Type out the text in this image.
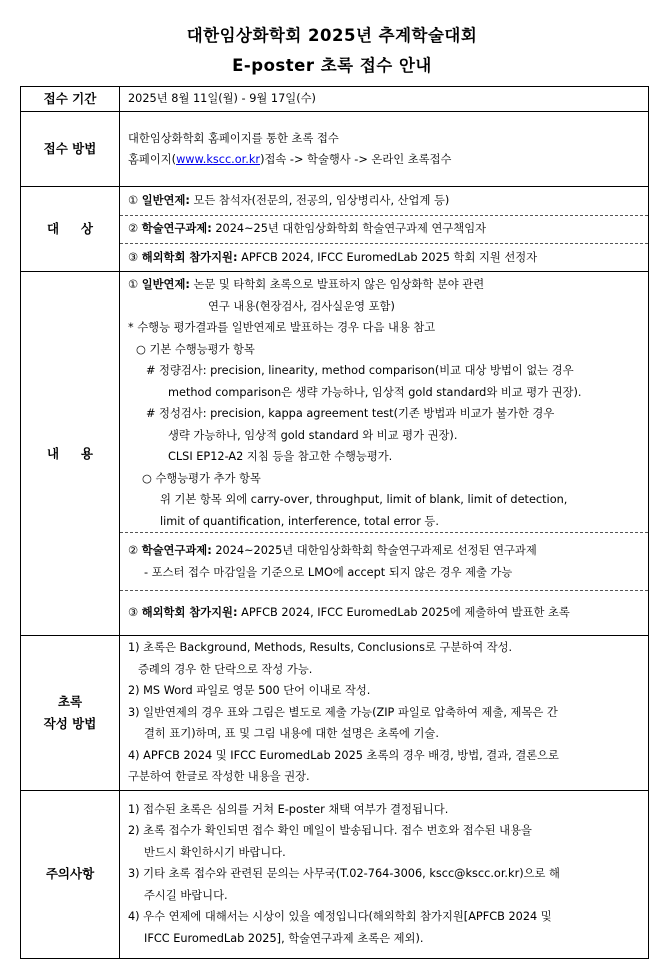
대한임상화학회 2025년 추계학술대회
E-poster 초록 접수 안내
접수 기간	2025년 8월 11일(월) - 9월 17일(수)
접수 방법	
대한임상화학회 홈페이지를 통한 초록 접수
홈페이지(www.kscc.or.kr)접속 -> 학술행사 -> 온라인 초록접수

대     상	
① 일반연제: 모든 참석자(전문의, 전공의, 임상병리사, 산업계 등)
② 학술연구과제: 2024~25년 대한임상화학회 학술연구과제 연구책임자
③ 해외학회 참가지원: APFCB 2024, IFCC EuromedLab 2025 학회 지원 선정자

내     용	
① 일반연제: 논문 및 타학회 초록으로 발표하지 않은 임상화학 분야 관련
연구 내용(현장검사, 검사실운영 포함)
* 수행능 평가결과를 일반연제로 발표하는 경우 다음 내용 참고
○ 기본 수행능평가 항목
# 정량검사: precision, linearity, method comparison(비교 대상 방법이 없는 경우
method comparison은 생략 가능하나, 임상적 gold standard와 비교 평가 권장).
# 정성검사: precision, kappa agreement test(기존 방법과 비교가 불가한 경우
생략 가능하나, 임상적 gold standard 와 비교 평가 권장).
CLSI EP12-A2 지침 등을 참고한 수행능평가.
○ 수행능평가 추가 항목
위 기본 항목 외에 carry-over, throughput, limit of blank, limit of detection,
limit of quantification, interference, total error 등.

② 학술연구과제: 2024~2025년 대한임상화학회 학술연구과제로 선정된 연구과제
- 포스터 접수 마감일을 기준으로 LMO에 accept 되지 않은 경우 제출 가능

③ 해외학회 참가지원: APFCB 2024, IFCC EuromedLab 2025에 제출하여 발표한 초록

초록
작성 방법

1) 초록은 Background, Methods, Results, Conclusions로 구분하여 작성.
증례의 경우 한 단락으로 작성 가능.
2) MS Word 파일로 영문 500 단어 이내로 작성.
3) 일반연제의 경우 표와 그림은 별도로 제출 가능(ZIP 파일로 압축하여 제출, 제목은 간
결히 표기)하며, 표 및 그림 내용에 대한 설명은 초록에 기술.
4) APFCB 2024 및 IFCC EuromedLab 2025 초록의 경우 배경, 방법, 결과, 결론으로
구분하여 한글로 작성한 내용을 권장.

주의사항	
1) 접수된 초록은 심의를 거쳐 E-poster 채택 여부가 결정됩니다.
2) 초록 접수가 확인되면 접수 확인 메일이 발송됩니다. 접수 번호와 접수된 내용을
반드시 확인하시기 바랍니다.
3) 기타 초록 접수와 관련된 문의는 사무국(T.02-764-3006, kscc@kscc.or.kr)으로 해
주시길 바랍니다.
4) 우수 연제에 대해서는 시상이 있을 예정입니다(해외학회 참가지원[APFCB 2024 및
IFCC EuromedLab 2025], 학술연구과제 초록은 제외).
